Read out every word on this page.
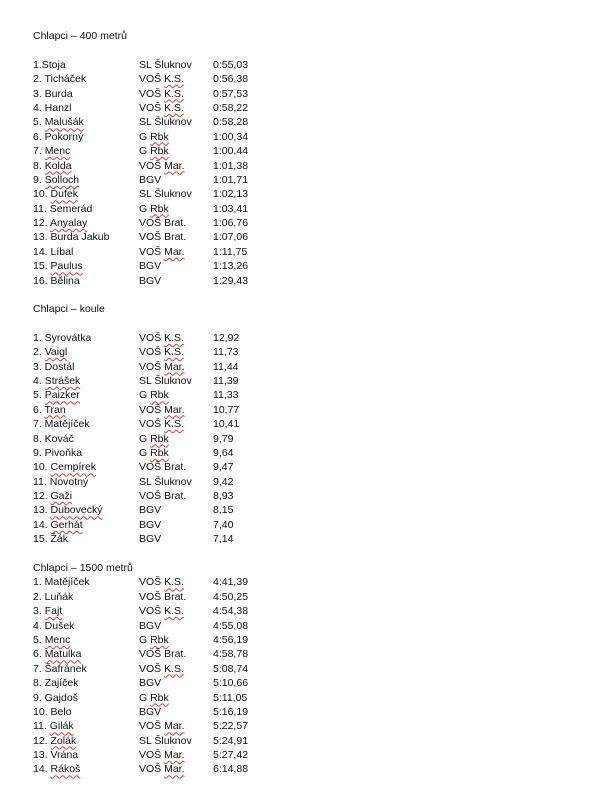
Chlapci – 400 metrů
1.Stoja	SL Šluknov 0:55,03
2. Ticháček	VOŠ K.S.	0:56,38
3. Burda	VOŠ K.S.	0:57,53
4. Hanzl	VOŠ K.S.	0:58,22
5. Malušák	SL Šluknov 0:58,28
6. Pokorný	G Rbk	1:00,34
7. Menc	G Rbk	1:00,44
8. Kolda	VOŠ Mar.	1:01,38
9. Solloch	BGV	1:01,71
10. Dufek	SL Šluknov 1:02,13
11. Semerád	G Rbk	1:03,41
12. Anyalay	VOŠ Brat.	1:06,76
13. Burda Jakub	VOŠ Brat.	1:07,06
14. Líbal	VOŠ Mar.	1:11,75
15. Paulus	BGV	1:13,26
16. Bělina	BGV	1:29,43
Chlapci – koule
1. Syrovátka	VOŠ K.S.	12,92
2. Vaigl	VOŠ K.S.	11,73
3. Dostál	VOŠ Mar.	11,44
4. Strášek	SL Šluknov 11,39
5. Paizker	G Rbk	11,33
6. Tran	VOŠ Mar.	10,77
7. Matějíček	VOŠ K.S.	10,41
8. Kováč	G Rbk	9,79
9. Pivoňka	G Rbk	9,64
10. Cempírek	VOŠ Brat.	9,47
11. Novotný	SL Šluknov 9,42
12. Gaži	VOŠ Brat.	8,93
13. Dubovecký	BGV	8,15
14. Gerhát	BGV	7,40
15. Žák	BGV	7,14
Chlapci – 1500 metrů
1. Matějíček	VOŠ K.S.	4:41,39
2. Luňák	VOŠ Brat.	4:50,25
3. Fajt	VOŠ K.S.	4:54,38
4. Dušek	BGV	4:55,08
5. Menc	G Rbk	4:56,19
6. Matulka	VOŠ Brat.	4:58,78
7. Šafránek	VOŠ K.S.	5:08,74
8. Zajíček	BGV	5:10,66
9. Gajdoš	G Rbk	5:11,05
10. Belo	BGV	5:16,19
11. Gilák	VOŠ Mar.	5:22,57
12. Zolák	SL Šluknov 5:24,91
13. Vrána	VOŠ Mar.	5:27,42
14. Rákoš	VOŠ Mar.	6:14,88
